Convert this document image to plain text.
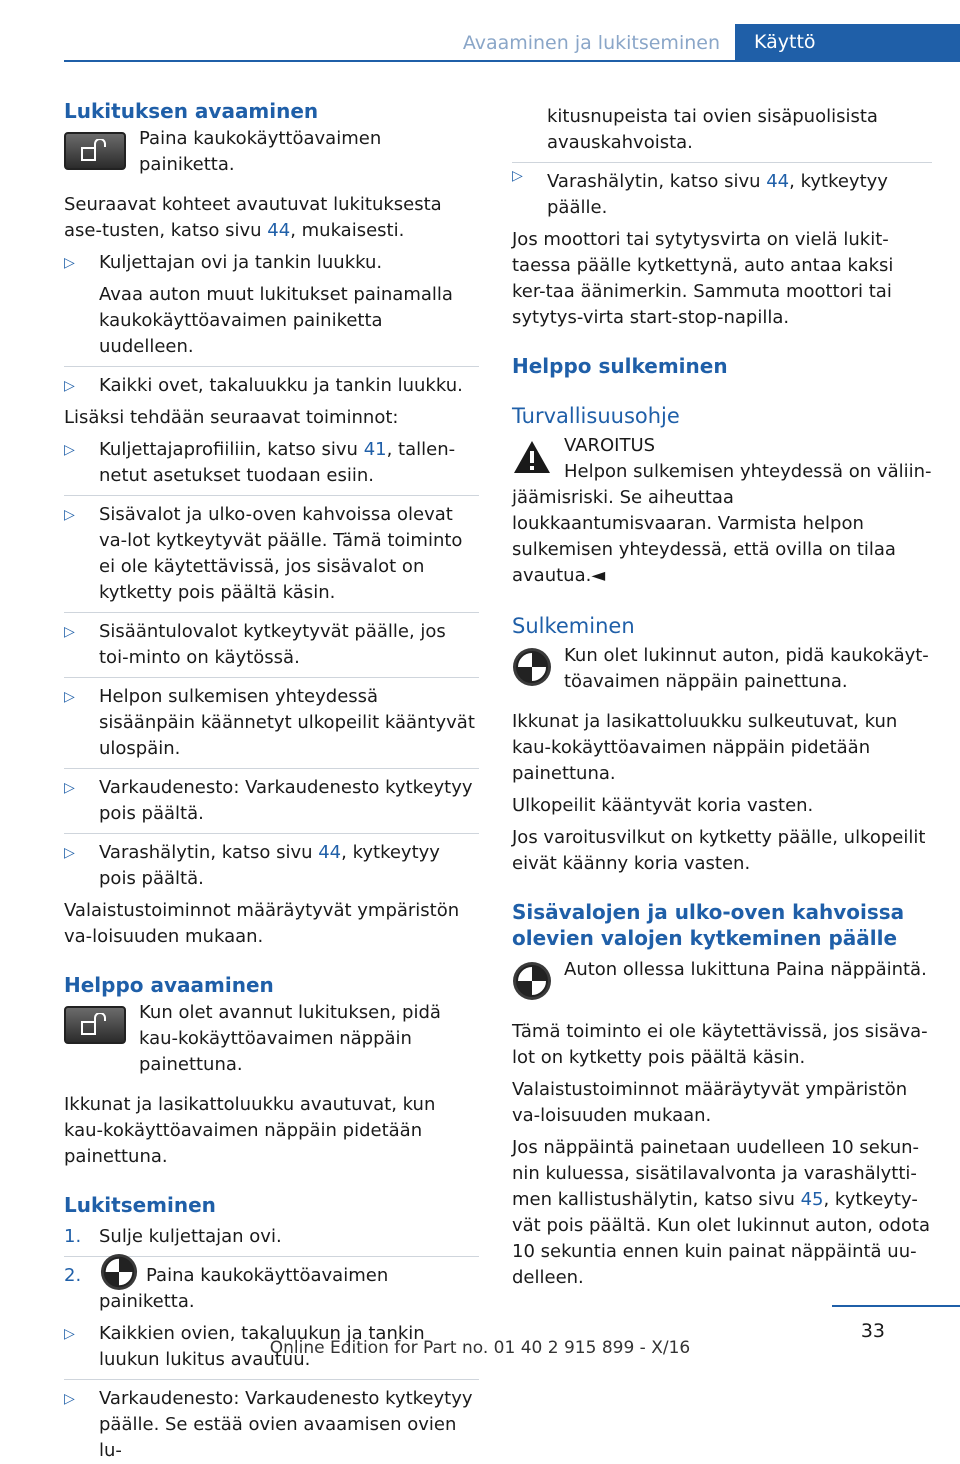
Avaaminen ja lukitseminen	Käyttö
Lukituksen avaaminen
Paina kaukokäyttöavaimen painiketta.

Seuraavat kohteet avautuvat lukituksesta ase-tusten, katso sivu 44, mukaisesti.

▷ Kuljettajan ovi ja tankin luukku.
Avaa auton muut lukitukset painamalla kaukokäyttöavaimen painiketta uudelleen.
▷ Kaikki ovet, takaluukku ja tankin luukku.

Lisäksi tehdään seuraavat toiminnot:

▷ Kuljettajaprofiiliin, katso sivu 41, tallen-netut asetukset tuodaan esiin.
▷ Sisävalot ja ulko-oven kahvoissa olevat va-lot kytkeytyvät päälle. Tämä toiminto ei ole käytettävissä, jos sisävalot on kytketty pois päältä käsin.
▷ Sisääntulovalot kytkeytyvät päälle, jos toi-minto on käytössä.
▷ Helpon sulkemisen yhteydessä sisäänpäin käännetyt ulkopeilit kääntyvät ulospäin.
▷ Varkaudenesto: Varkaudenesto kytkeytyy pois päältä.
▷ Varashälytin, katso sivu 44, kytkeytyy pois päältä.

Valaistustoiminnot määräytyvät ympäristön va-loisuuden mukaan.

Helppo avaaminen
Kun olet avannut lukituksen, pidä kau-kokäyttöavaimen näppäin painettuna.

Ikkunat ja lasikattoluukku avautuvat, kun kau-kokäyttöavaimen näppäin pidetään painettuna.

Lukitseminen
1. Sulje kuljettajan ovi.
2.	Paina kaukokäyttöavaimen painiketta.
▷ Kaikkien ovien, takaluukun ja tankin luukun lukitus avautuu.
▷ Varkaudenesto: Varkaudenesto kytkeytyy päälle. Se estää ovien avaamisen ovien lu-
kitusnupeista tai ovien sisäpuolisista avauskahvoista.
▷ Varashälytin, katso sivu 44, kytkeytyy päälle.

Jos moottori tai sytytysvirta on vielä lukit-taessa päälle kytkettynä, auto antaa kaksi ker-taa äänimerkin. Sammuta moottori tai sytytys-virta start-stop-napilla.

Helppo sulkeminen
Turvallisuusohje
VAROITUS
Helpon sulkemisen yhteydessä on väliin-jäämisriski. Se aiheuttaa loukkaantumisvaaran. Varmista helpon sulkemisen yhteydessä, että ovilla on tilaa avautua.◄
Sulkeminen
Kun olet lukinnut auton, pidä kaukokäyt-töavaimen näppäin painettuna.

Ikkunat ja lasikattoluukku sulkeutuvat, kun kau-kokäyttöavaimen näppäin pidetään painettuna.

Ulkopeilit kääntyvät koria vasten.

Jos varoitusvilkut on kytketty päälle, ulkopeilit eivät käänny koria vasten.

Sisävalojen ja ulko-oven kahvoissa olevien valojen kytkeminen päälle
Auton ollessa lukittuna Paina näppäintä.

Tämä toiminto ei ole käytettävissä, jos sisäva-lot on kytketty pois päältä käsin.

Valaistustoiminnot määräytyvät ympäristön va-loisuuden mukaan.

Jos näppäintä painetaan uudelleen 10 sekun-nin kuluessa, sisätilavalvonta ja varashälytti-men kallistushälytin, katso sivu 45, kytkeyty-vät pois päältä. Kun olet lukinnut auton, odota 10 sekuntia ennen kuin painat näppäintä uu-delleen.

33
Online Edition for Part no. 01 40 2 915 899 - X/16
